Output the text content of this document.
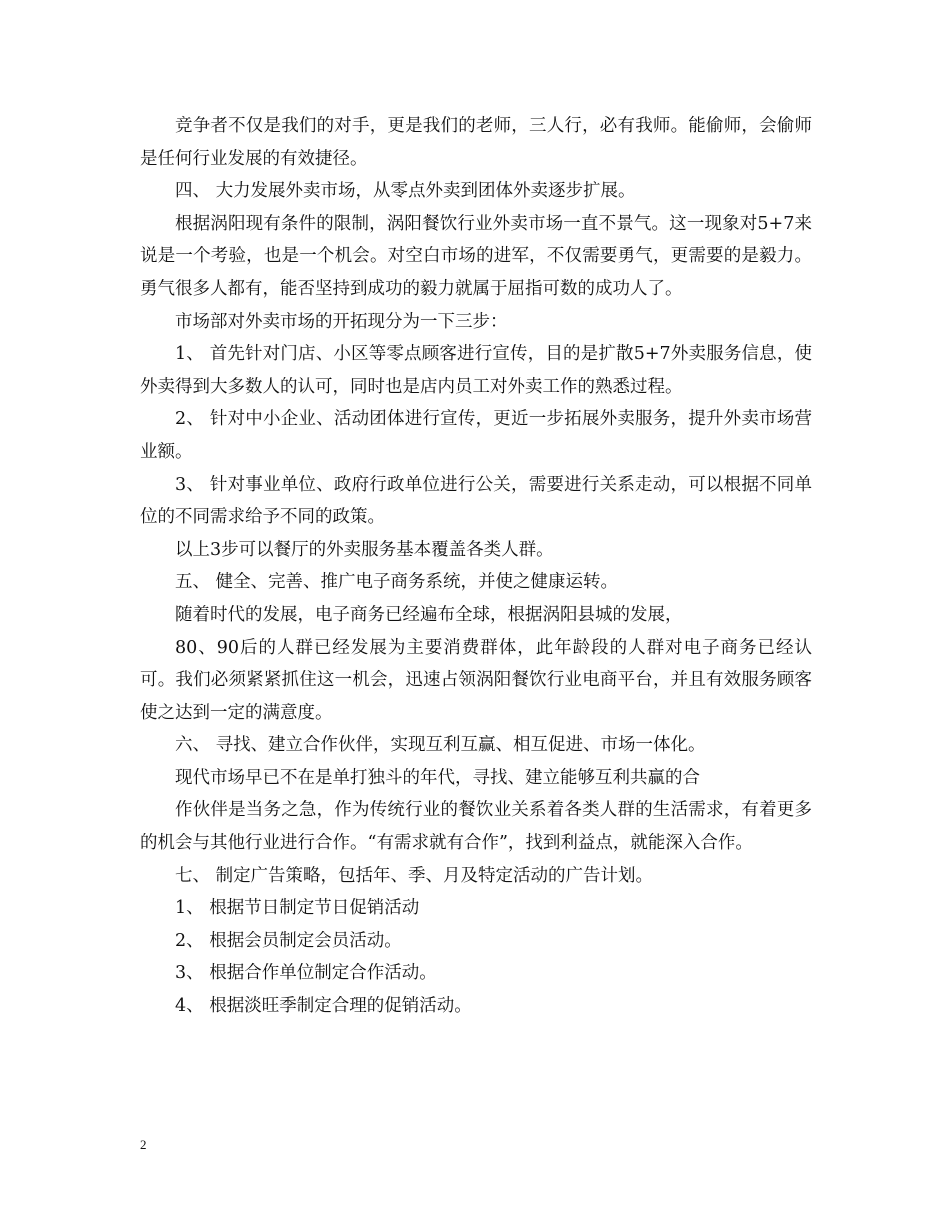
竞争者不仅是我们的对手，更是我们的老师，三人行，必有我师。能偷师，会偷师是任何行业发展的有效捷径。

四、 大力发展外卖市场，从零点外卖到团体外卖逐步扩展。

根据涡阳现有条件的限制，涡阳餐饮行业外卖市场一直不景气。这一现象对5+7来说是一个考验，也是一个机会。对空白市场的进军，不仅需要勇气，更需要的是毅力。勇气很多人都有，能否坚持到成功的毅力就属于屈指可数的成功人了。

市场部对外卖市场的开拓现分为一下三步：

1、 首先针对门店、小区等零点顾客进行宣传，目的是扩散5+7外卖服务信息，使外卖得到大多数人的认可，同时也是店内员工对外卖工作的熟悉过程。

2、 针对中小企业、活动团体进行宣传，更近一步拓展外卖服务，提升外卖市场营业额。

3、 针对事业单位、政府行政单位进行公关，需要进行关系走动，可以根据不同单位的不同需求给予不同的政策。

以上3步可以餐厅的外卖服务基本覆盖各类人群。

五、 健全、完善、推广电子商务系统，并使之健康运转。

随着时代的发展，电子商务已经遍布全球，根据涡阳县城的发展，

80、90后的人群已经发展为主要消费群体，此年龄段的人群对电子商务已经认可。我们必须紧紧抓住这一机会，迅速占领涡阳餐饮行业电商平台，并且有效服务顾客使之达到一定的满意度。

六、 寻找、建立合作伙伴，实现互利互赢、相互促进、市场一体化。

现代市场早已不在是单打独斗的年代，寻找、建立能够互利共赢的合

作伙伴是当务之急，作为传统行业的餐饮业关系着各类人群的生活需求，有着更多的机会与其他行业进行合作。“有需求就有合作”，找到利益点，就能深入合作。

七、 制定广告策略，包括年、季、月及特定活动的广告计划。

1、 根据节日制定节日促销活动

2、 根据会员制定会员活动。

3、 根据合作单位制定合作活动。

4、 根据淡旺季制定合理的促销活动。

2
